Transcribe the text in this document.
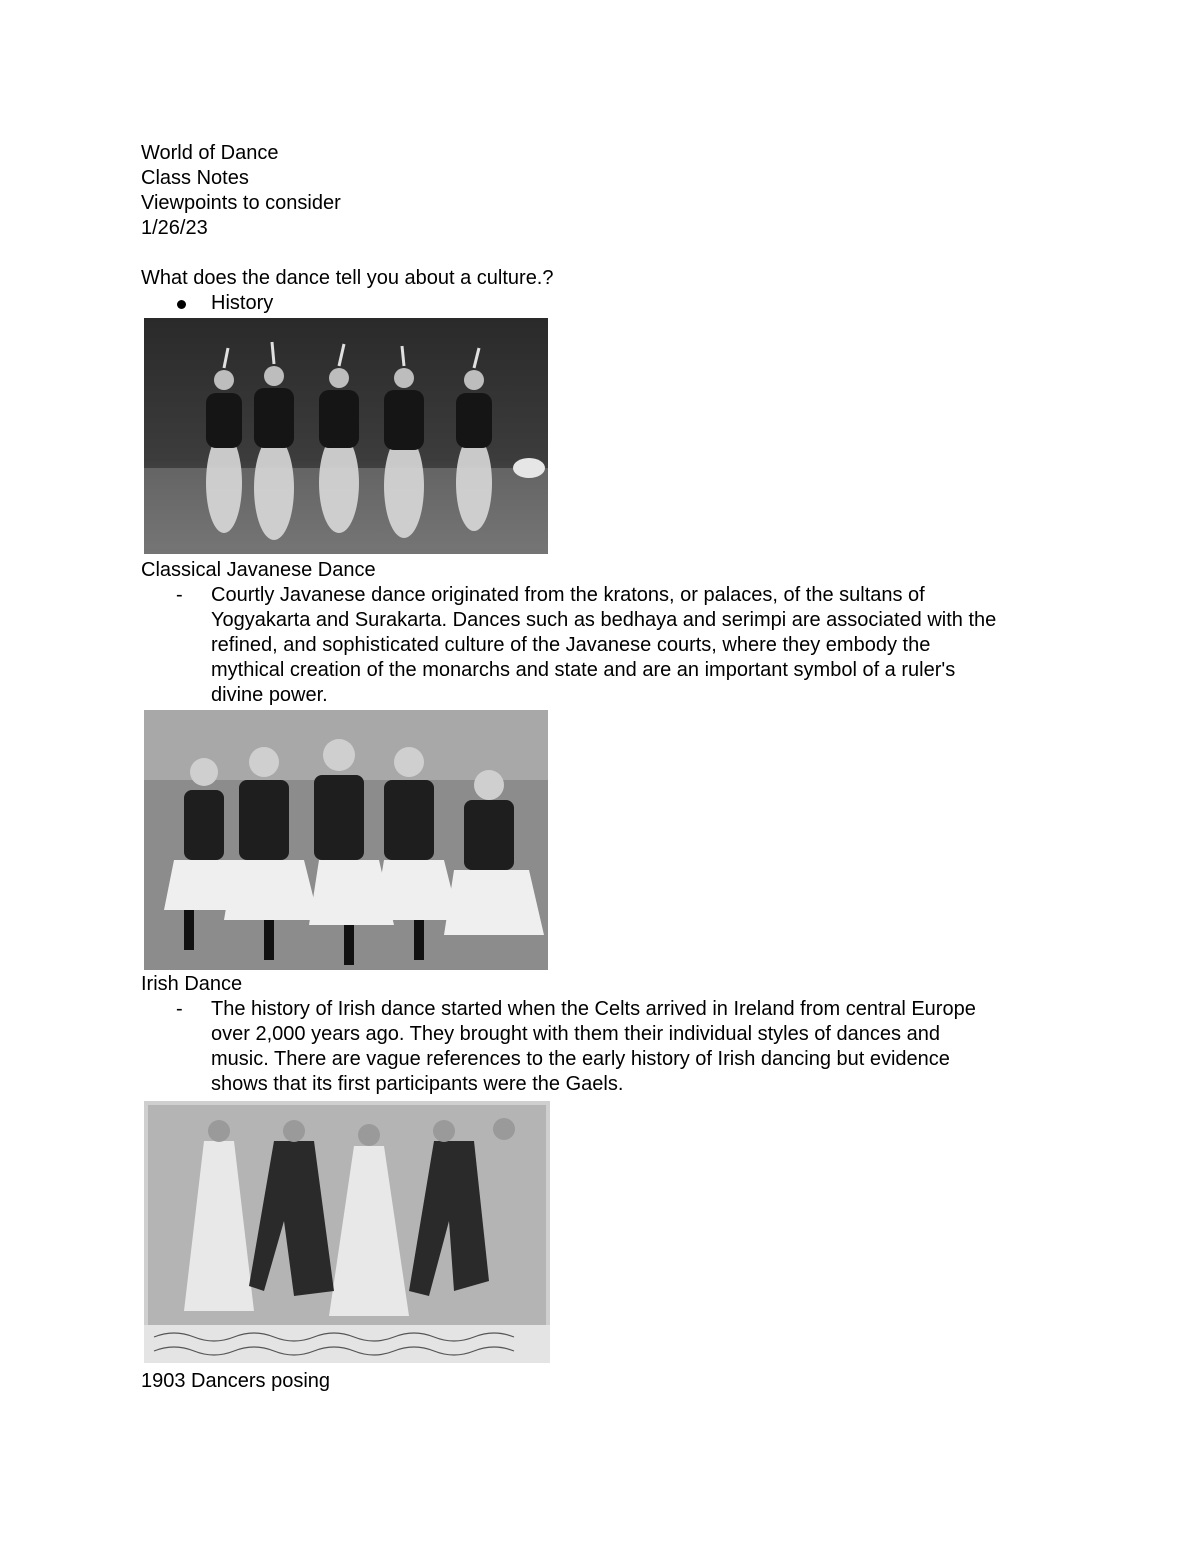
World of Dance
Class Notes
Viewpoints to consider
1/26/23
What does the dance tell you about a culture.?
History
Classical Javanese Dance
- Courtly Javanese dance originated from the kratons, or palaces, of the sultans of
Yogyakarta and Surakarta. Dances such as bedhaya and serimpi are associated with the
refined, and sophisticated culture of the Javanese courts, where they embody the
mythical creation of the monarchs and state and are an important symbol of a ruler's
divine power.
Irish Dance
- The history of Irish dance started when the Celts arrived in Ireland from central Europe
over 2,000 years ago. They brought with them their individual styles of dances and
music. There are vague references to the early history of Irish dancing but evidence
shows that its first participants were the Gaels.
1903 Dancers posing
